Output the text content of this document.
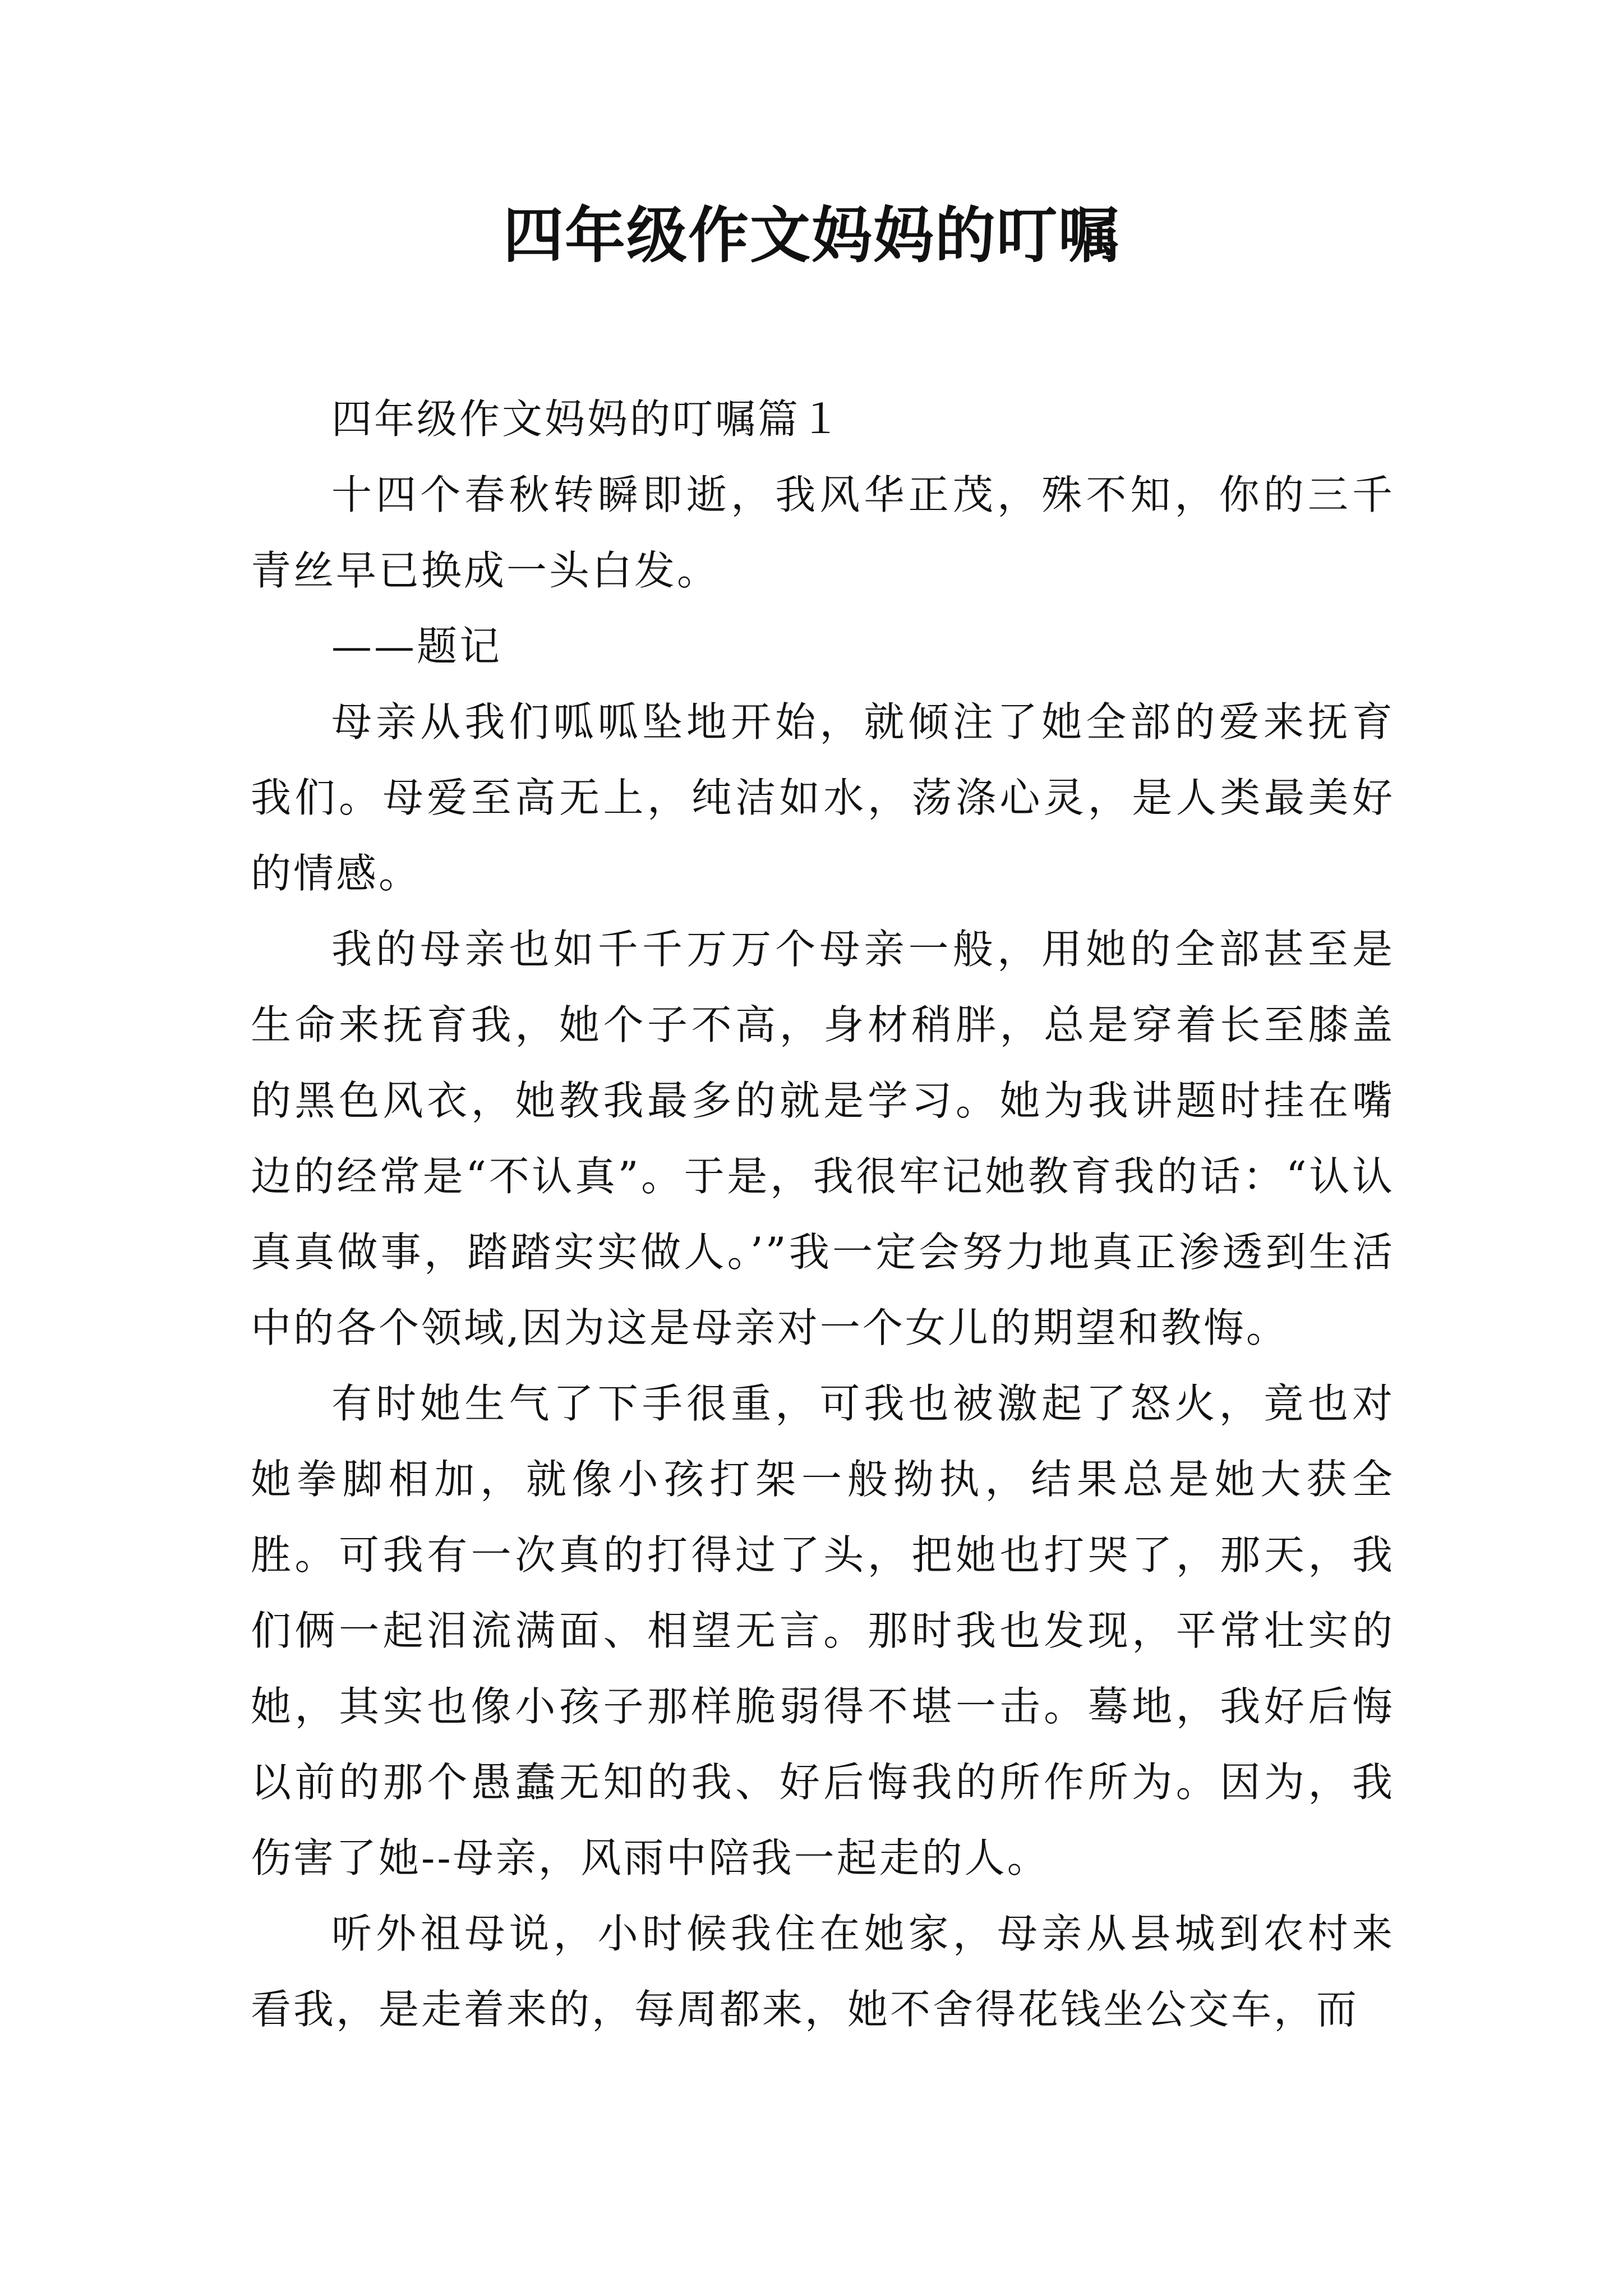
四年级作文妈妈的叮嘱

四年级作文妈妈的叮嘱篇１

十四个春秋转瞬即逝，我风华正茂，殊不知，你的三千青丝早已换成一头白发。

——题记

母亲从我们呱呱坠地开始，就倾注了她全部的爱来抚育我们。母爱至高无上，纯洁如水，荡涤心灵，是人类最美好的情感。

我的母亲也如千千万万个母亲一般，用她的全部甚至是生命来抚育我，她个子不高，身材稍胖，总是穿着长至膝盖的黑色风衣，她教我最多的就是学习。她为我讲题时挂在嘴边的经常是“不认真”。于是，我很牢记她教育我的话：“认认真真做事，踏踏实实做人。’”我一定会努力地真正渗透到生活中的各个领域,因为这是母亲对一个女儿的期望和教悔。

有时她生气了下手很重，可我也被激起了怒火，竟也对她拳脚相加，就像小孩打架一般拗执，结果总是她大获全胜。可我有一次真的打得过了头，把她也打哭了，那天，我们俩一起泪流满面、相望无言。那时我也发现，平常壮实的她，其实也像小孩子那样脆弱得不堪一击。蓦地，我好后悔以前的那个愚蠢无知的我、好后悔我的所作所为。因为，我伤害了她--母亲，风雨中陪我一起走的人。

听外祖母说，小时候我住在她家，母亲从县城到农村来看我，是走着来的，每周都来，她不舍得花钱坐公交车，而
